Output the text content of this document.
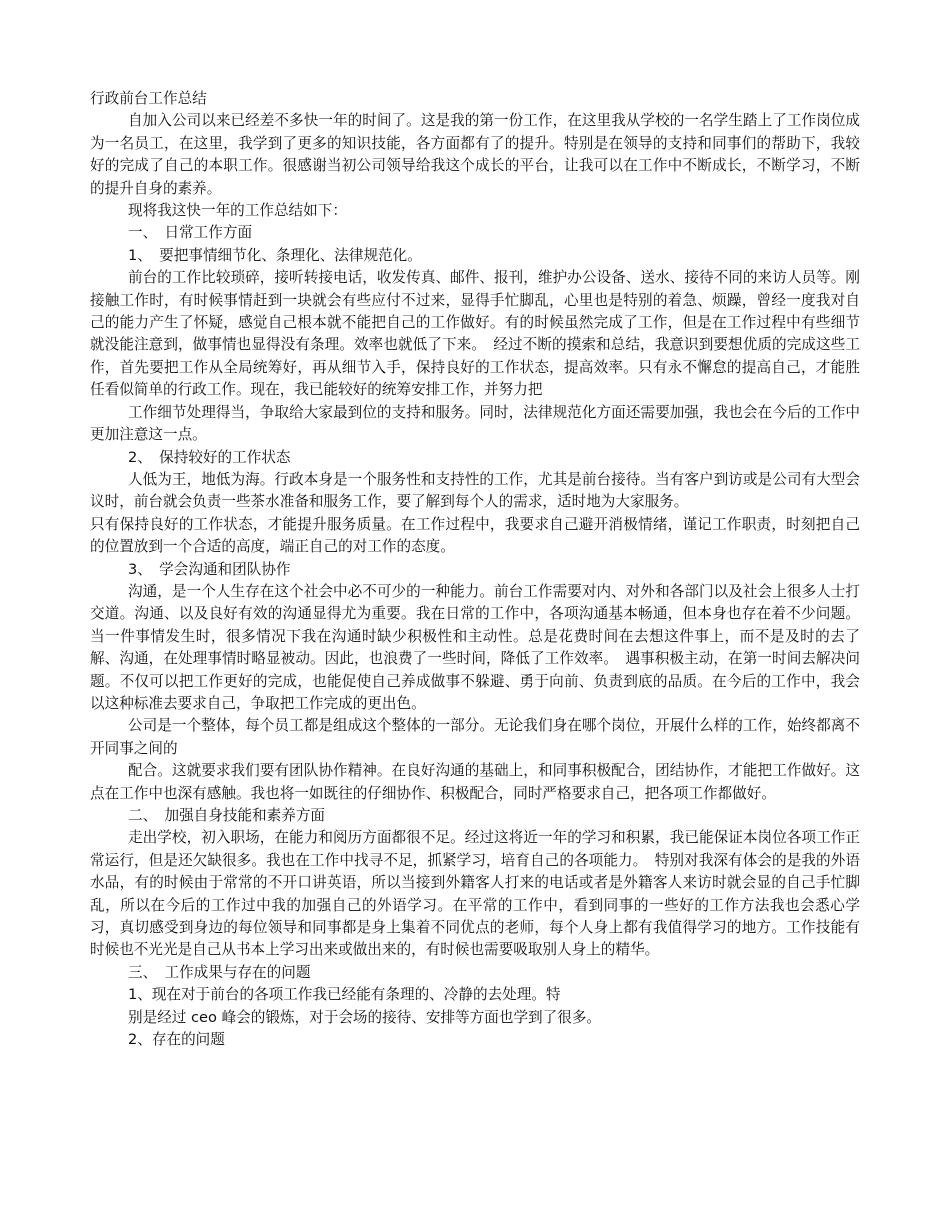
行政前台工作总结

自加入公司以来已经差不多快一年的时间了。这是我的第一份工作，在这里我从学校的一名学生踏上了工作岗位成为一名员工，在这里，我学到了更多的知识技能，各方面都有了的提升。特别是在领导的支持和同事们的帮助下，我较好的完成了自己的本职工作。很感谢当初公司领导给我这个成长的平台，让我可以在工作中不断成长，不断学习，不断的提升自身的素养。

现将我这快一年的工作总结如下：

一、　日常工作方面

1、　要把事情细节化、条理化、法律规范化。

前台的工作比较琐碎，接听转接电话，收发传真、邮件、报刊，维护办公设备、送水、接待不同的来访人员等。刚接触工作时，有时候事情赶到一块就会有些应付不过来，显得手忙脚乱，心里也是特别的着急、烦躁，曾经一度我对自己的能力产生了怀疑，感觉自己根本就不能把自己的工作做好。有的时候虽然完成了工作，但是在工作过程中有些细节就没能注意到，做事情也显得没有条理。效率也就低了下来。　经过不断的摸索和总结，我意识到要想优质的完成这些工作，首先要把工作从全局统筹好，再从细节入手，保持良好的工作状态，提高效率。只有永不懈怠的提高自己，才能胜任看似简单的行政工作。现在，我已能较好的统筹安排工作，并努力把

工作细节处理得当，争取给大家最到位的支持和服务。同时，法律规范化方面还需要加强，我也会在今后的工作中更加注意这一点。

2、　保持较好的工作状态

人低为王，地低为海。行政本身是一个服务性和支持性的工作，尤其是前台接待。当有客户到访或是公司有大型会议时，前台就会负责一些茶水准备和服务工作，要了解到每个人的需求，适时地为大家服务。

只有保持良好的工作状态，才能提升服务质量。在工作过程中，我要求自己避开消极情绪，谨记工作职责，时刻把自己的位置放到一个合适的高度，端正自己的对工作的态度。

3、　学会沟通和团队协作

沟通，是一个人生存在这个社会中必不可少的一种能力。前台工作需要对内、对外和各部门以及社会上很多人士打交道。沟通、以及良好有效的沟通显得尤为重要。我在日常的工作中，各项沟通基本畅通，但本身也存在着不少问题。当一件事情发生时，很多情况下我在沟通时缺少积极性和主动性。总是花费时间在去想这件事上，而不是及时的去了解、沟通，在处理事情时略显被动。因此，也浪费了一些时间，降低了工作效率。　遇事积极主动，在第一时间去解决问题。不仅可以把工作更好的完成，也能促使自己养成做事不躲避、勇于向前、负责到底的品质。在今后的工作中，我会以这种标准去要求自己，争取把工作完成的更出色。

公司是一个整体，每个员工都是组成这个整体的一部分。无论我们身在哪个岗位，开展什么样的工作，始终都离不开同事之间的

配合。这就要求我们要有团队协作精神。在良好沟通的基础上，和同事积极配合，团结协作，才能把工作做好。这点在工作中也深有感触。我也将一如既往的仔细协作、积极配合，同时严格要求自己，把各项工作都做好。

二、　加强自身技能和素养方面

走出学校，初入职场，在能力和阅历方面都很不足。经过这将近一年的学习和积累，我已能保证本岗位各项工作正常运行，但是还欠缺很多。我也在工作中找寻不足，抓紧学习，培育自己的各项能力。　特别对我深有体会的是我的外语水品，有的时候由于常常的不开口讲英语，所以当接到外籍客人打来的电话或者是外籍客人来访时就会显的自己手忙脚乱，所以在今后的工作过中我的加强自己的外语学习。在平常的工作中，看到同事的一些好的工作方法我也会悉心学习，真切感受到身边的每位领导和同事都是身上集着不同优点的老师，每个人身上都有我值得学习的地方。工作技能有时候也不光光是自己从书本上学习出来或做出来的，有时候也需要吸取别人身上的精华。

三、　工作成果与存在的问题

1、现在对于前台的各项工作我已经能有条理的、冷静的去处理。特

别是经过 ceo 峰会的锻炼，对于会场的接待、安排等方面也学到了很多。

2、存在的问题
